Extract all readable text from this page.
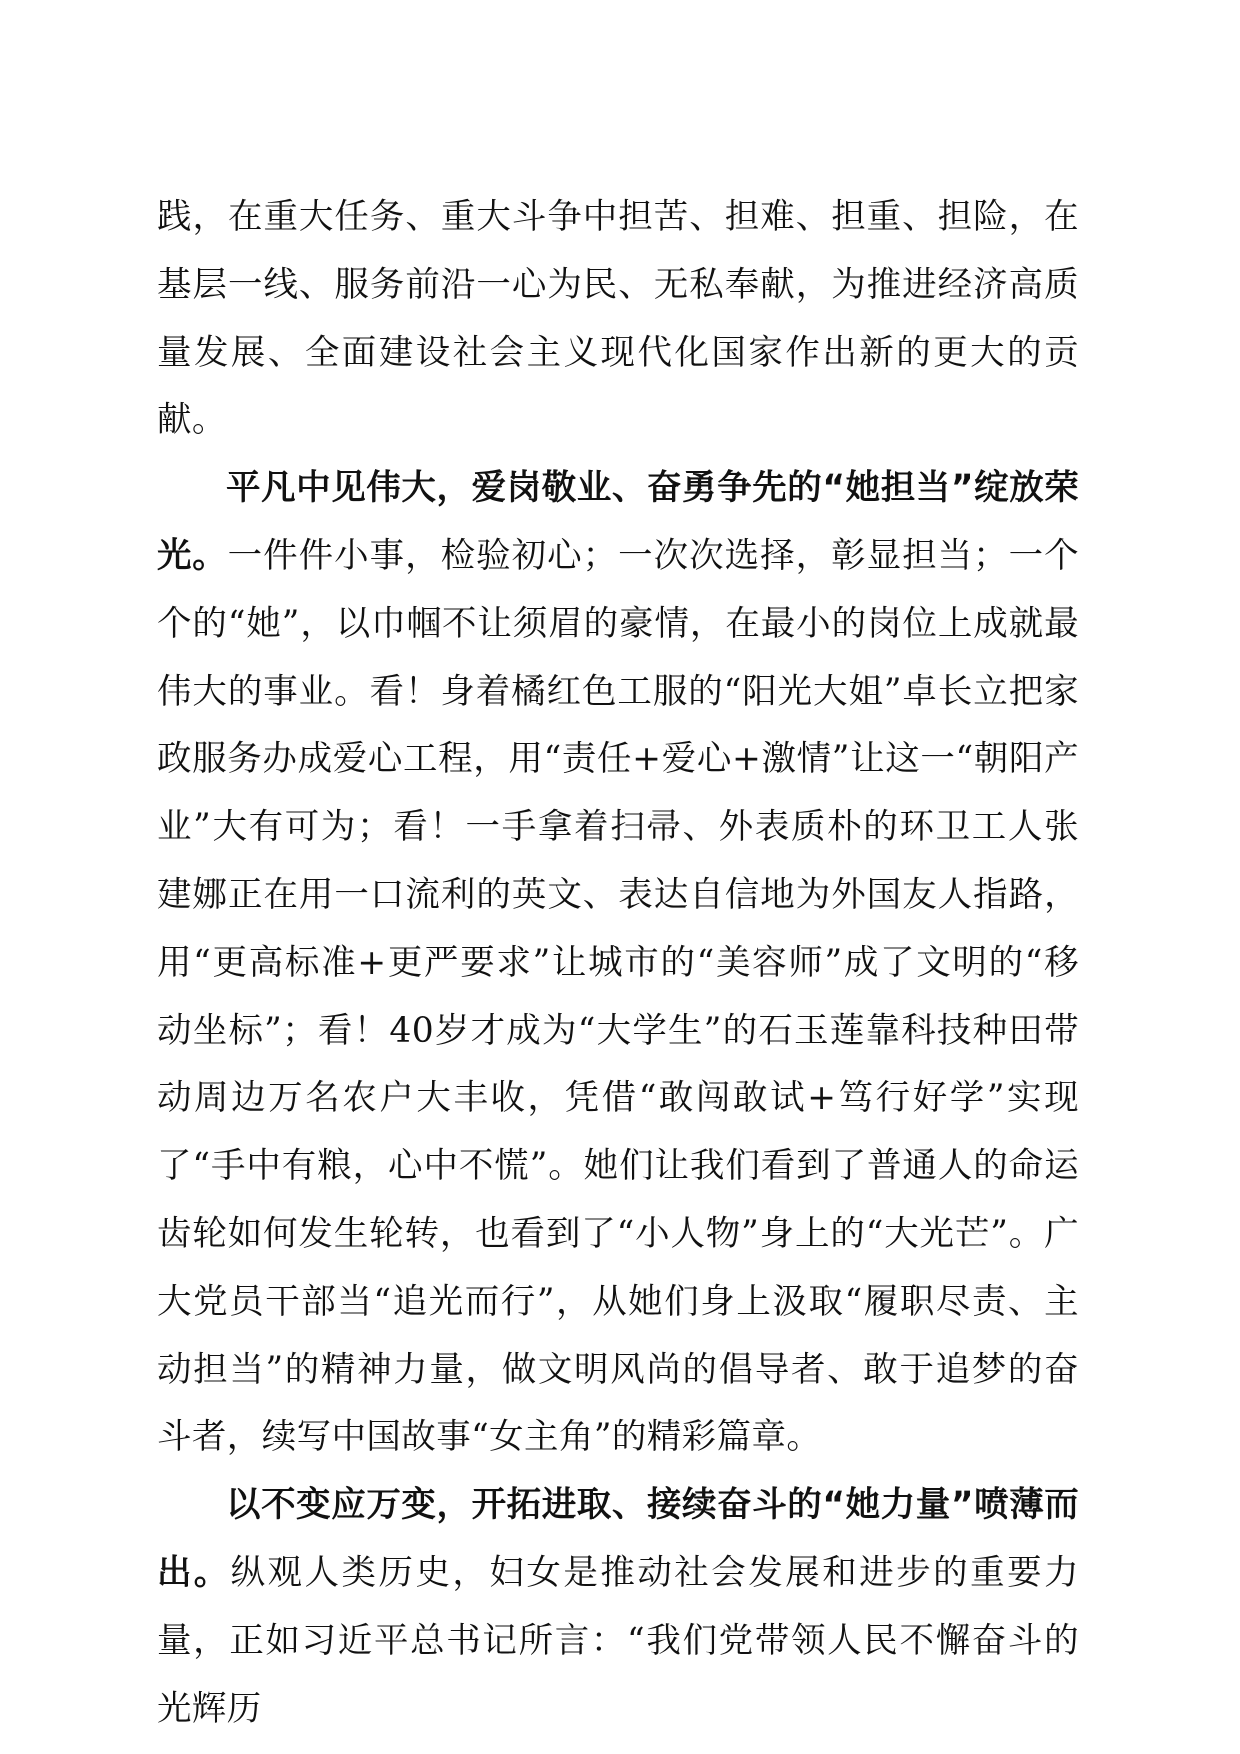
践，在重大任务、重大斗争中担苦、担难、担重、担险，在基层一线、服务前沿一心为民、无私奉献，为推进经济高质量发展、全面建设社会主义现代化国家作出新的更大的贡献。

平凡中见伟大，爱岗敬业、奋勇争先的“她担当”绽放荣光。一件件小事，检验初心；一次次选择，彰显担当；一个个的“她”，以巾帼不让须眉的豪情，在最小的岗位上成就最伟大的事业。看！身着橘红色工服的“阳光大姐”卓长立把家政服务办成爱心工程，用“责任+爱心+激情”让这一“朝阳产业”大有可为；看！一手拿着扫帚、外表质朴的环卫工人张建娜正在用一口流利的英文、表达自信地为外国友人指路，用“更高标准+更严要求”让城市的“美容师”成了文明的“移动坐标”；看！40岁才成为“大学生”的石玉莲靠科技种田带动周边万名农户大丰收，凭借“敢闯敢试+笃行好学”实现了“手中有粮，心中不慌”。她们让我们看到了普通人的命运齿轮如何发生轮转，也看到了“小人物”身上的“大光芒”。广大党员干部当“追光而行”，从她们身上汲取“履职尽责、主动担当”的精神力量，做文明风尚的倡导者、敢于追梦的奋斗者，续写中国故事“女主角”的精彩篇章。

以不变应万变，开拓进取、接续奋斗的“她力量”喷薄而出。纵观人类历史，妇女是推动社会发展和进步的重要力量，正如习近平总书记所言：“我们党带领人民不懈奋斗的光辉历
